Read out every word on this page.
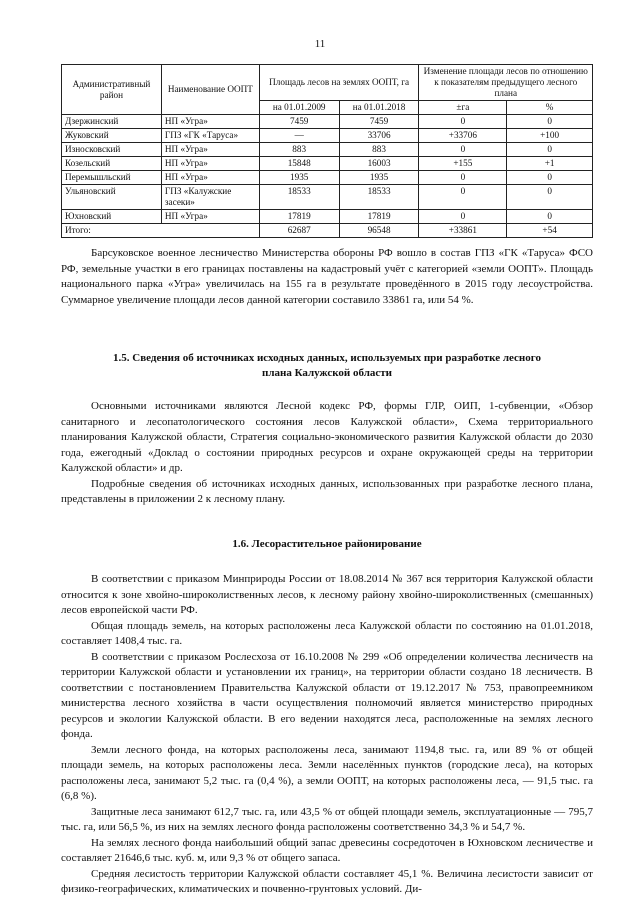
11
Административный район	Наименование ООПТ	Площадь лесов на землях ООПТ, га		Изменение площади лесов по отношению к показателям предыдущего лесного плана	
		на 01.01.2009	на 01.01.2018	±га	%
Дзержинский	НП «Угра»	7459	7459	0	0
Жуковский	ГПЗ «ГК «Таруса»	—	33706	+33706	+100
Износковский	НП «Угра»	883	883	0	0
Козельский	НП «Угра»	15848	16003	+155	+1
Перемышльский	НП «Угра»	1935	1935	0	0
Ульяновский	ГПЗ «Калужские засеки»	18533	18533	0	0
Юхновский	НП «Угра»	17819	17819	0	0
Итого:		62687	96548	+33861	+54

Барсуковское военное лесничество Министерства обороны РФ вошло в состав ГПЗ «ГК «Таруса» ФСО РФ, земельные участки в его границах поставлены на кадастровый учёт с категорией «земли ООПТ». Площадь национального парка «Угра» увеличилась на 155 га в результате проведённого в 2015 году лесоустройства. Суммарное увеличение площади лесов данной категории составило 33861 га, или 54 %.

1.5. Сведения об источниках исходных данных, используемых при разработке лесного
плана Калужской области

Основными источниками являются Лесной кодекс РФ, формы ГЛР, ОИП, 1-субвенции, «Обзор санитарного и лесопатологического состояния лесов Калужской области», Схема территориального планирования Калужской области, Стратегия социально-экономического развития Калужской области до 2030 года, ежегодный «Доклад о состоянии природных ресурсов и охране окружающей среды на территории Калужской области» и др.

Подробные сведения об источниках исходных данных, использованных при разработке лесного плана, представлены в приложении 2 к лесному плану.

1.6. Лесорастительное районирование

В соответствии с приказом Минприроды России от 18.08.2014 № 367 вся территория Калужской области относится к зоне хвойно-широколиственных лесов, к лесному району хвойно-широколиственных (смешанных) лесов европейской части РФ.

Общая площадь земель, на которых расположены леса Калужской области по состоянию на 01.01.2018, составляет 1408,4 тыс. га.

В соответствии с приказом Рослесхоза от 16.10.2008 № 299 «Об определении количества лесничеств на территории Калужской области и установлении их границ», на территории области создано 18 лесничеств. В соответствии с постановлением Правительства Калужской области от 19.12.2017 № 753, правопреемником министерства лесного хозяйства в части осуществления полномочий является министерство природных ресурсов и экологии Калужской области. В его ведении находятся леса, расположенные на землях лесного фонда.

Земли лесного фонда, на которых расположены леса, занимают 1194,8 тыс. га, или 89 % от общей площади земель, на которых расположены леса. Земли населённых пунктов (городские леса), на которых расположены леса, занимают 5,2 тыс. га (0,4 %), а земли ООПТ, на которых расположены леса, — 91,5 тыс. га (6,8 %).

Защитные леса занимают 612,7 тыс. га, или 43,5 % от общей площади земель, эксплуатационные — 795,7 тыс. га, или 56,5 %, из них на землях лесного фонда расположены соответственно 34,3 % и 54,7 %.

На землях лесного фонда наибольший общий запас древесины сосредоточен в Юхновском лесничестве и составляет 21646,6 тыс. куб. м, или 9,3 % от общего запаса.

Средняя лесистость территории Калужской области составляет 45,1 %. Величина лесистости зависит от физико-географических, климатических и почвенно-грунтовых условий. Ди-
